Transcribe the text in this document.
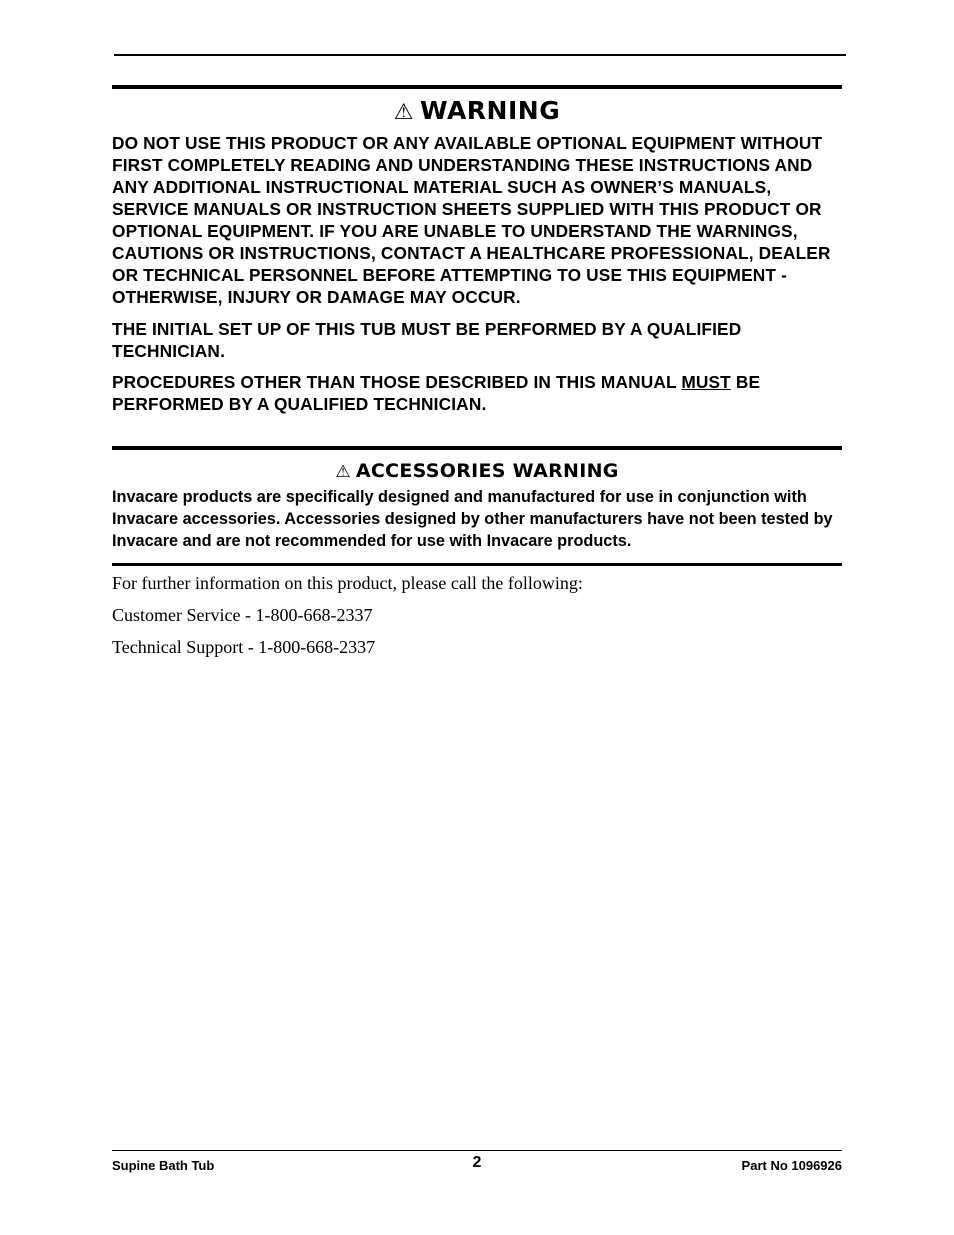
⚠ WARNING

DO NOT USE THIS PRODUCT OR ANY AVAILABLE OPTIONAL EQUIPMENT WITHOUT FIRST COMPLETELY READING AND UNDERSTANDING THESE INSTRUCTIONS AND ANY ADDITIONAL INSTRUCTIONAL MATERIAL SUCH AS OWNER’S MANUALS, SERVICE MANUALS OR INSTRUCTION SHEETS SUPPLIED WITH THIS PRODUCT OR OPTIONAL EQUIPMENT. IF YOU ARE UNABLE TO UNDERSTAND THE WARNINGS, CAUTIONS OR INSTRUCTIONS, CONTACT A HEALTHCARE PROFESSIONAL, DEALER OR TECHNICAL PERSONNEL BEFORE ATTEMPTING TO USE THIS EQUIPMENT - OTHERWISE, INJURY OR DAMAGE MAY OCCUR.

THE INITIAL SET UP OF THIS TUB MUST BE PERFORMED BY A QUALIFIED TECHNICIAN.

PROCEDURES OTHER THAN THOSE DESCRIBED IN THIS MANUAL MUST BE PERFORMED BY A QUALIFIED TECHNICIAN.

⚠ ACCESSORIES WARNING

Invacare products are specifically designed and manufactured for use in conjunction with Invacare accessories. Accessories designed by other manufacturers have not been tested by Invacare and are not recommended for use with Invacare products.

For further information on this product, please call the following:
Customer Service - 1-800-668-2337
Technical Support - 1-800-668-2337
Supine Bath Tub	2	Part No 1096926
